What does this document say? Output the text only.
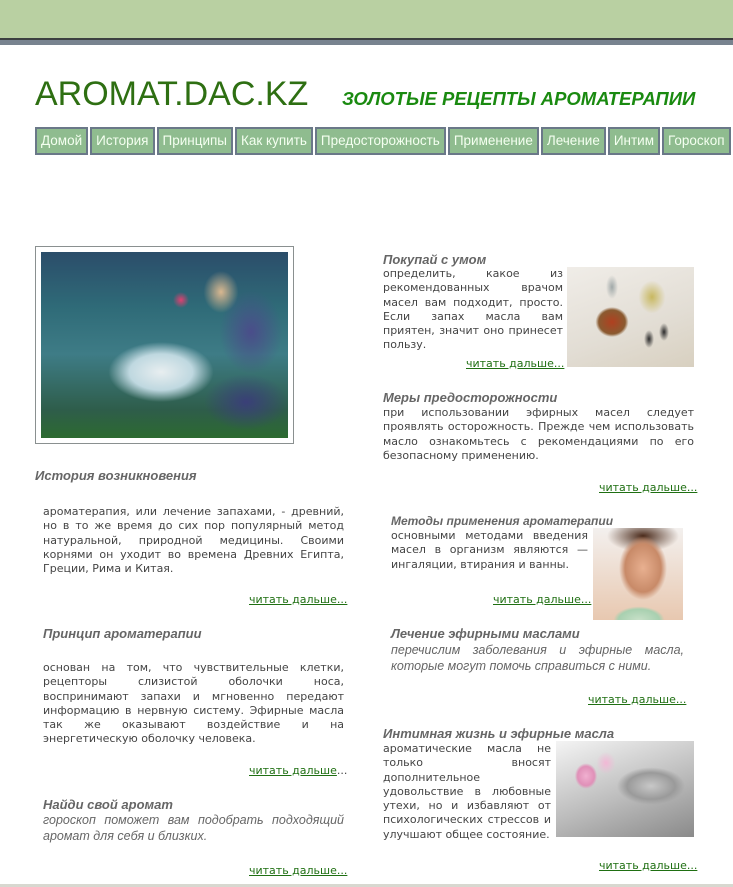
AROMAT.DAC.KZ ЗОЛОТЫЕ РЕЦЕПТЫ АРОМАТЕРАПИИ
Домой	История	Принципы	Как купить	Предосторожность	Применение	Лечение	Интим	Гороскоп
История возникновения
ароматерапия, или лечение запахами, - древний, но в то же время до сих пор популярный метод натуральной, природной медицины. Своими корнями он уходит во времена Древних Египта, Греции, Рима и Китая.
читать дальше...
Принцип ароматерапии
основан на том, что чувствительные клетки, рецепторы слизистой оболочки носа, воспринимают запахи и мгновенно передают информацию в нервную систему. Эфирные масла так же оказывают воздействие и на энергетическую оболочку человека.
читать дальше...
Найди свой аромат
гороскоп поможет вам подобрать подходящий аромат для себя и близких.
читать дальше...
Покупай с умом
определить, какое из рекомендованных врачом масел вам подходит, просто. Если запах масла вам приятен, значит оно принесет пользу.
читать дальше...
Меры предосторожности
при использовании эфирных масел следует проявлять осторожность. Прежде чем использовать масло ознакомьтесь с рекомендациями по его безопасному применению.
читать дальше...
Методы применения ароматерапии
основными методами введения масел в организм являются — ингаляции, втирания и ванны.
читать дальше...
Лечение эфирными маслами
перечислим заболевания и эфирные масла, которые могут помочь справиться с ними.
читать дальше...
Интимная жизнь и эфирные масла
ароматические масла не только вносят дополнительное удовольствие в любовные утехи, но и избавляют от психологических стрессов и улучшают общее состояние.
читать дальше...
